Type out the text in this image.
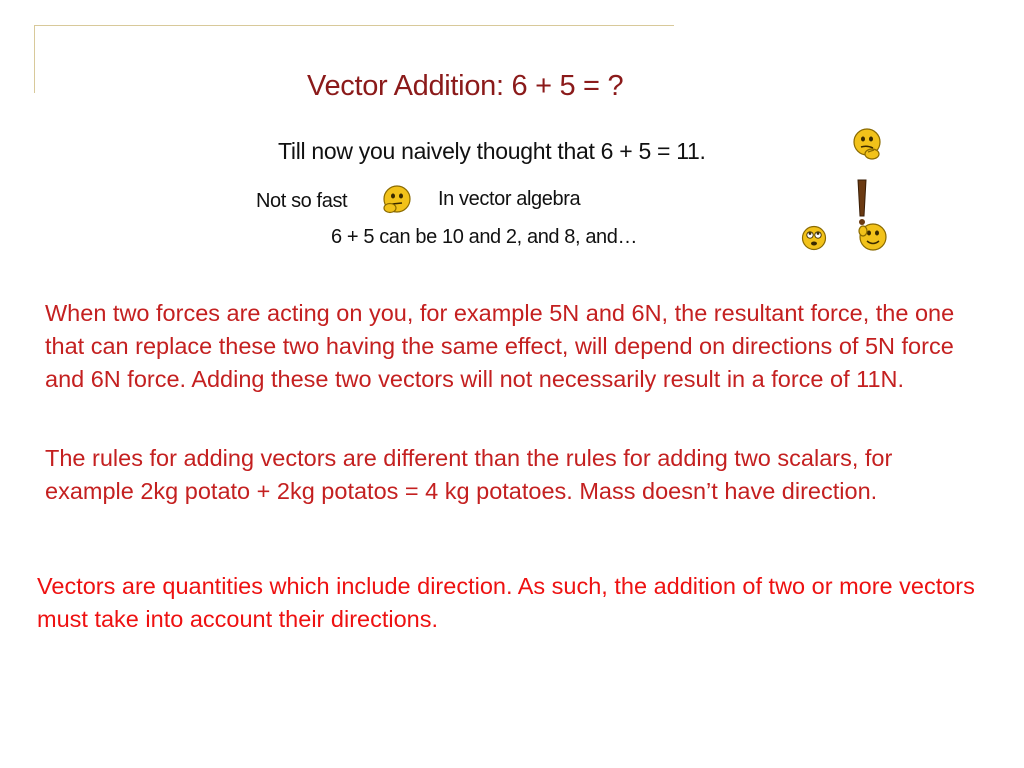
Vector Addition: 6 + 5 = ?
Till now you naively thought that 6 + 5 = 11.
Not so fast	In vector algebra
6 + 5 can be 10 and 2, and 8, and…

When two forces are acting on you, for example 5N and 6N, the resultant force, the one that can replace these two having the same effect, will depend on directions of 5N force and 6N force. Adding these two vectors will not necessarily result in a force of 11N.

The rules for adding vectors are different than the rules for adding two scalars, for example 2kg potato + 2kg potatos = 4 kg potatoes. Mass doesn’t have direction.

Vectors are quantities which include direction. As such, the addition of two or more vectors must take into account their directions.
